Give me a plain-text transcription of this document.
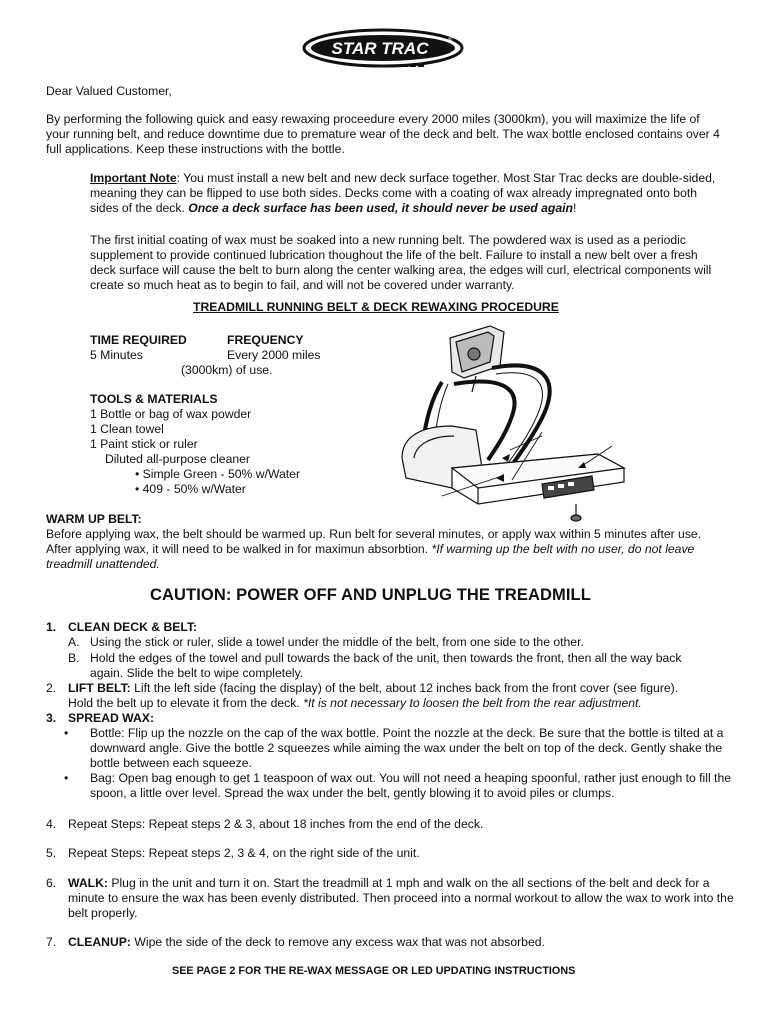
STAR TRAC	®

Dear Valued Customer,

By performing the following quick and easy rewaxing proceedure every 2000 miles (3000km), you will maximize the life of your running belt, and reduce downtime due to premature wear of the deck and belt. The wax bottle enclosed contains over 4 full applications. Keep these instructions with the bottle.

Important Note: You must install a new belt and new deck surface together. Most Star Trac decks are double-sided, meaning they can be flipped to use both sides. Decks come with a coating of wax already impregnated onto both sides of the deck. Once a deck surface has been used, it should never be used again!

The first initial coating of wax must be soaked into a new running belt. The powdered wax is used as a periodic supplement to provide continued lubrication thoughout the life of the belt. Failure to install a new belt over a fresh deck surface will cause the belt to burn along the center walking area, the edges will curl, electrical components will create so much heat as to begin to fail, and will not be covered under warranty.

TREADMILL RUNNING BELT & DECK REWAXING PROCEDURE

TIME REQUIRED	FREQUENCY

5 Minutes	Every 2000 miles

(3000km) of use.

TOOLS & MATERIALS

1 Bottle or bag of wax powder

1 Clean towel

1 Paint stick or ruler

Diluted all-purpose cleaner

• Simple Green - 50% w/Water

• 409 - 50% w/Water

WARM UP BELT:

Before applying wax, the belt should be warmed up. Run belt for several minutes, or apply wax within 5 minutes after use. After applying wax, it will need to be walked in for maximun absorbtion. *If warming up the belt with no user, do not leave treadmill unattended.

CAUTION: POWER OFF AND UNPLUG THE TREADMILL

1. CLEAN DECK & BELT:

A. Using the stick or ruler, slide a towel under the middle of the belt, from one side to the other.

B. Hold the edges of the towel and pull towards the back of the unit, then towards the front, then all the way back

again. Slide the belt to wipe completely.

2. LIFT BELT: Lift the left side (facing the display) of the belt, about 12 inches back from the front cover (see figure).

Hold the belt up to elevate it from the deck. *It is not necessary to loosen the belt from the rear adjustment.

3. SPREAD WAX:

• Bottle: Flip up the nozzle on the cap of the wax bottle. Point the nozzle at the deck. Be sure that the bottle is tilted at a downward angle. Give the bottle 2 squeezes while aiming the wax under the belt on top of the deck. Gently shake the bottle between each squeeze.
• Bag: Open bag enough to get 1 teaspoon of wax out. You will not need a heaping spoonful, rather just enough to fill the spoon, a little over level. Spread the wax under the belt, gently blowing it to avoid piles or clumps.

4. Repeat Steps: Repeat steps 2 & 3, about 18 inches from the end of the deck.

5. Repeat Steps: Repeat steps 2, 3 & 4, on the right side of the unit.

6. WALK: Plug in the unit and turn it on. Start the treadmill at 1 mph and walk on the all sections of the belt and deck for a minute to ensure the wax has been evenly distributed. Then proceed into a normal workout to allow the wax to work into the belt properly.

7. CLEANUP: Wipe the side of the deck to remove any excess wax that was not absorbed.

SEE PAGE 2 FOR THE RE-WAX MESSAGE OR LED UPDATING INSTRUCTIONS
